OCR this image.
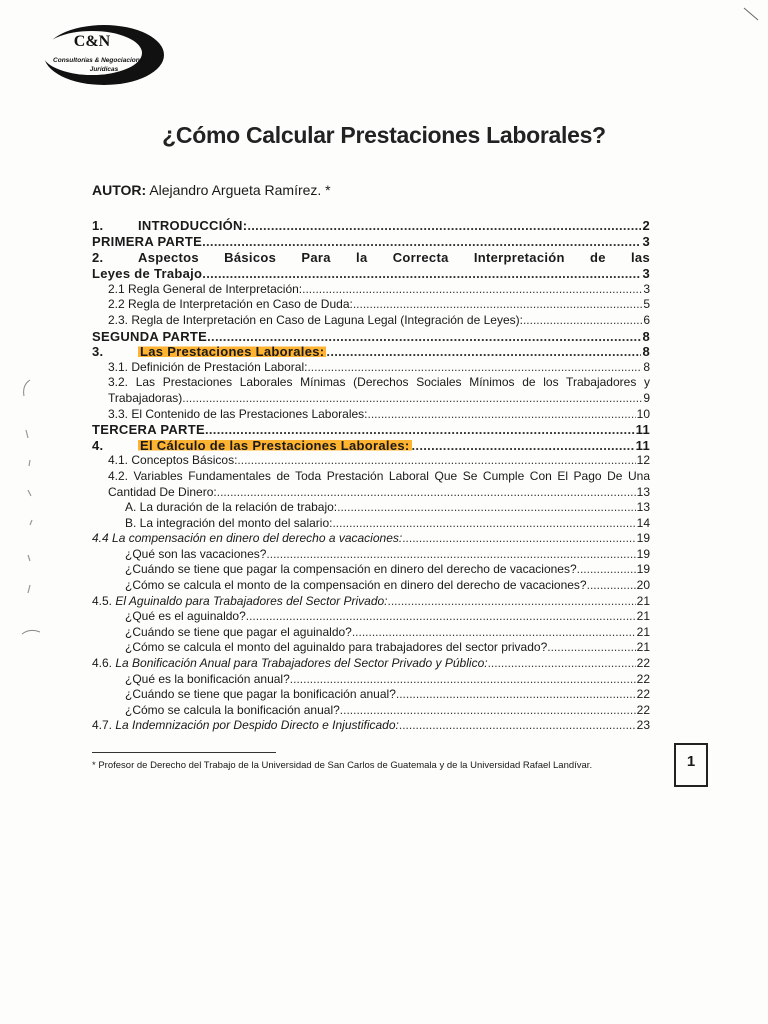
C&N
Consultorías & Negociaciones
Jurídicas
¿Cómo Calcular Prestaciones Laborales?
AUTOR: Alejandro Argueta Ramírez. *
1.	INTRODUCCIÓN: .....	2
PRIMERA PARTE .....	3
2.	Aspectos Básicos Para la Correcta Interpretación de las
Leyes de Trabajo .....	3
2.1 Regla General de Interpretación: .....	3
2.2 Regla de Interpretación en Caso de Duda: .....	5
2.3. Regla de Interpretación en Caso de Laguna Legal (Integración de Leyes): .....	6
SEGUNDA PARTE .....	8
3.	Las Prestaciones Laborales: .....	8
3.1. Definición de Prestación Laboral: .....	8
3.2. Las Prestaciones Laborales Mínimas (Derechos Sociales Mínimos de los Trabajadores y
Trabajadoras) .....	9
3.3. El Contenido de las Prestaciones Laborales: .....	10
TERCERA PARTE .....	11
4.	El Cálculo de las Prestaciones Laborales: .....	11
4.1. Conceptos Básicos: .....	12
4.2. Variables Fundamentales de Toda Prestación Laboral Que Se Cumple Con El Pago De Una
Cantidad De Dinero: .....	13
A. La duración de la relación de trabajo: .....	13
B. La integración del monto del salario: .....	14
4.4 La compensación en dinero del derecho a vacaciones: .....	19
¿Qué son las vacaciones? .....	19
¿Cuándo se tiene que pagar la compensación en dinero del derecho de vacaciones? .....	19
¿Cómo se calcula el monto de la compensación en dinero del derecho de vacaciones? .....	20
4.5. El Aguinaldo para Trabajadores del Sector Privado: .....	21
¿Qué es el aguinaldo? .....	21
¿Cuándo se tiene que pagar el aguinaldo? .....	21
¿Cómo se calcula el monto del aguinaldo para trabajadores del sector privado? .....	21
4.6. La Bonificación Anual para Trabajadores del Sector Privado y Público: .....	22
¿Qué es la bonificación anual? .....	22
¿Cuándo se tiene que pagar la bonificación anual? .....	22
¿Cómo se calcula la bonificación anual? .....	22
4.7. La Indemnización por Despido Directo e Injustificado: .....	23
* Profesor de Derecho del Trabajo de la Universidad de San Carlos de Guatemala y de la Universidad Rafael Landívar.	1
